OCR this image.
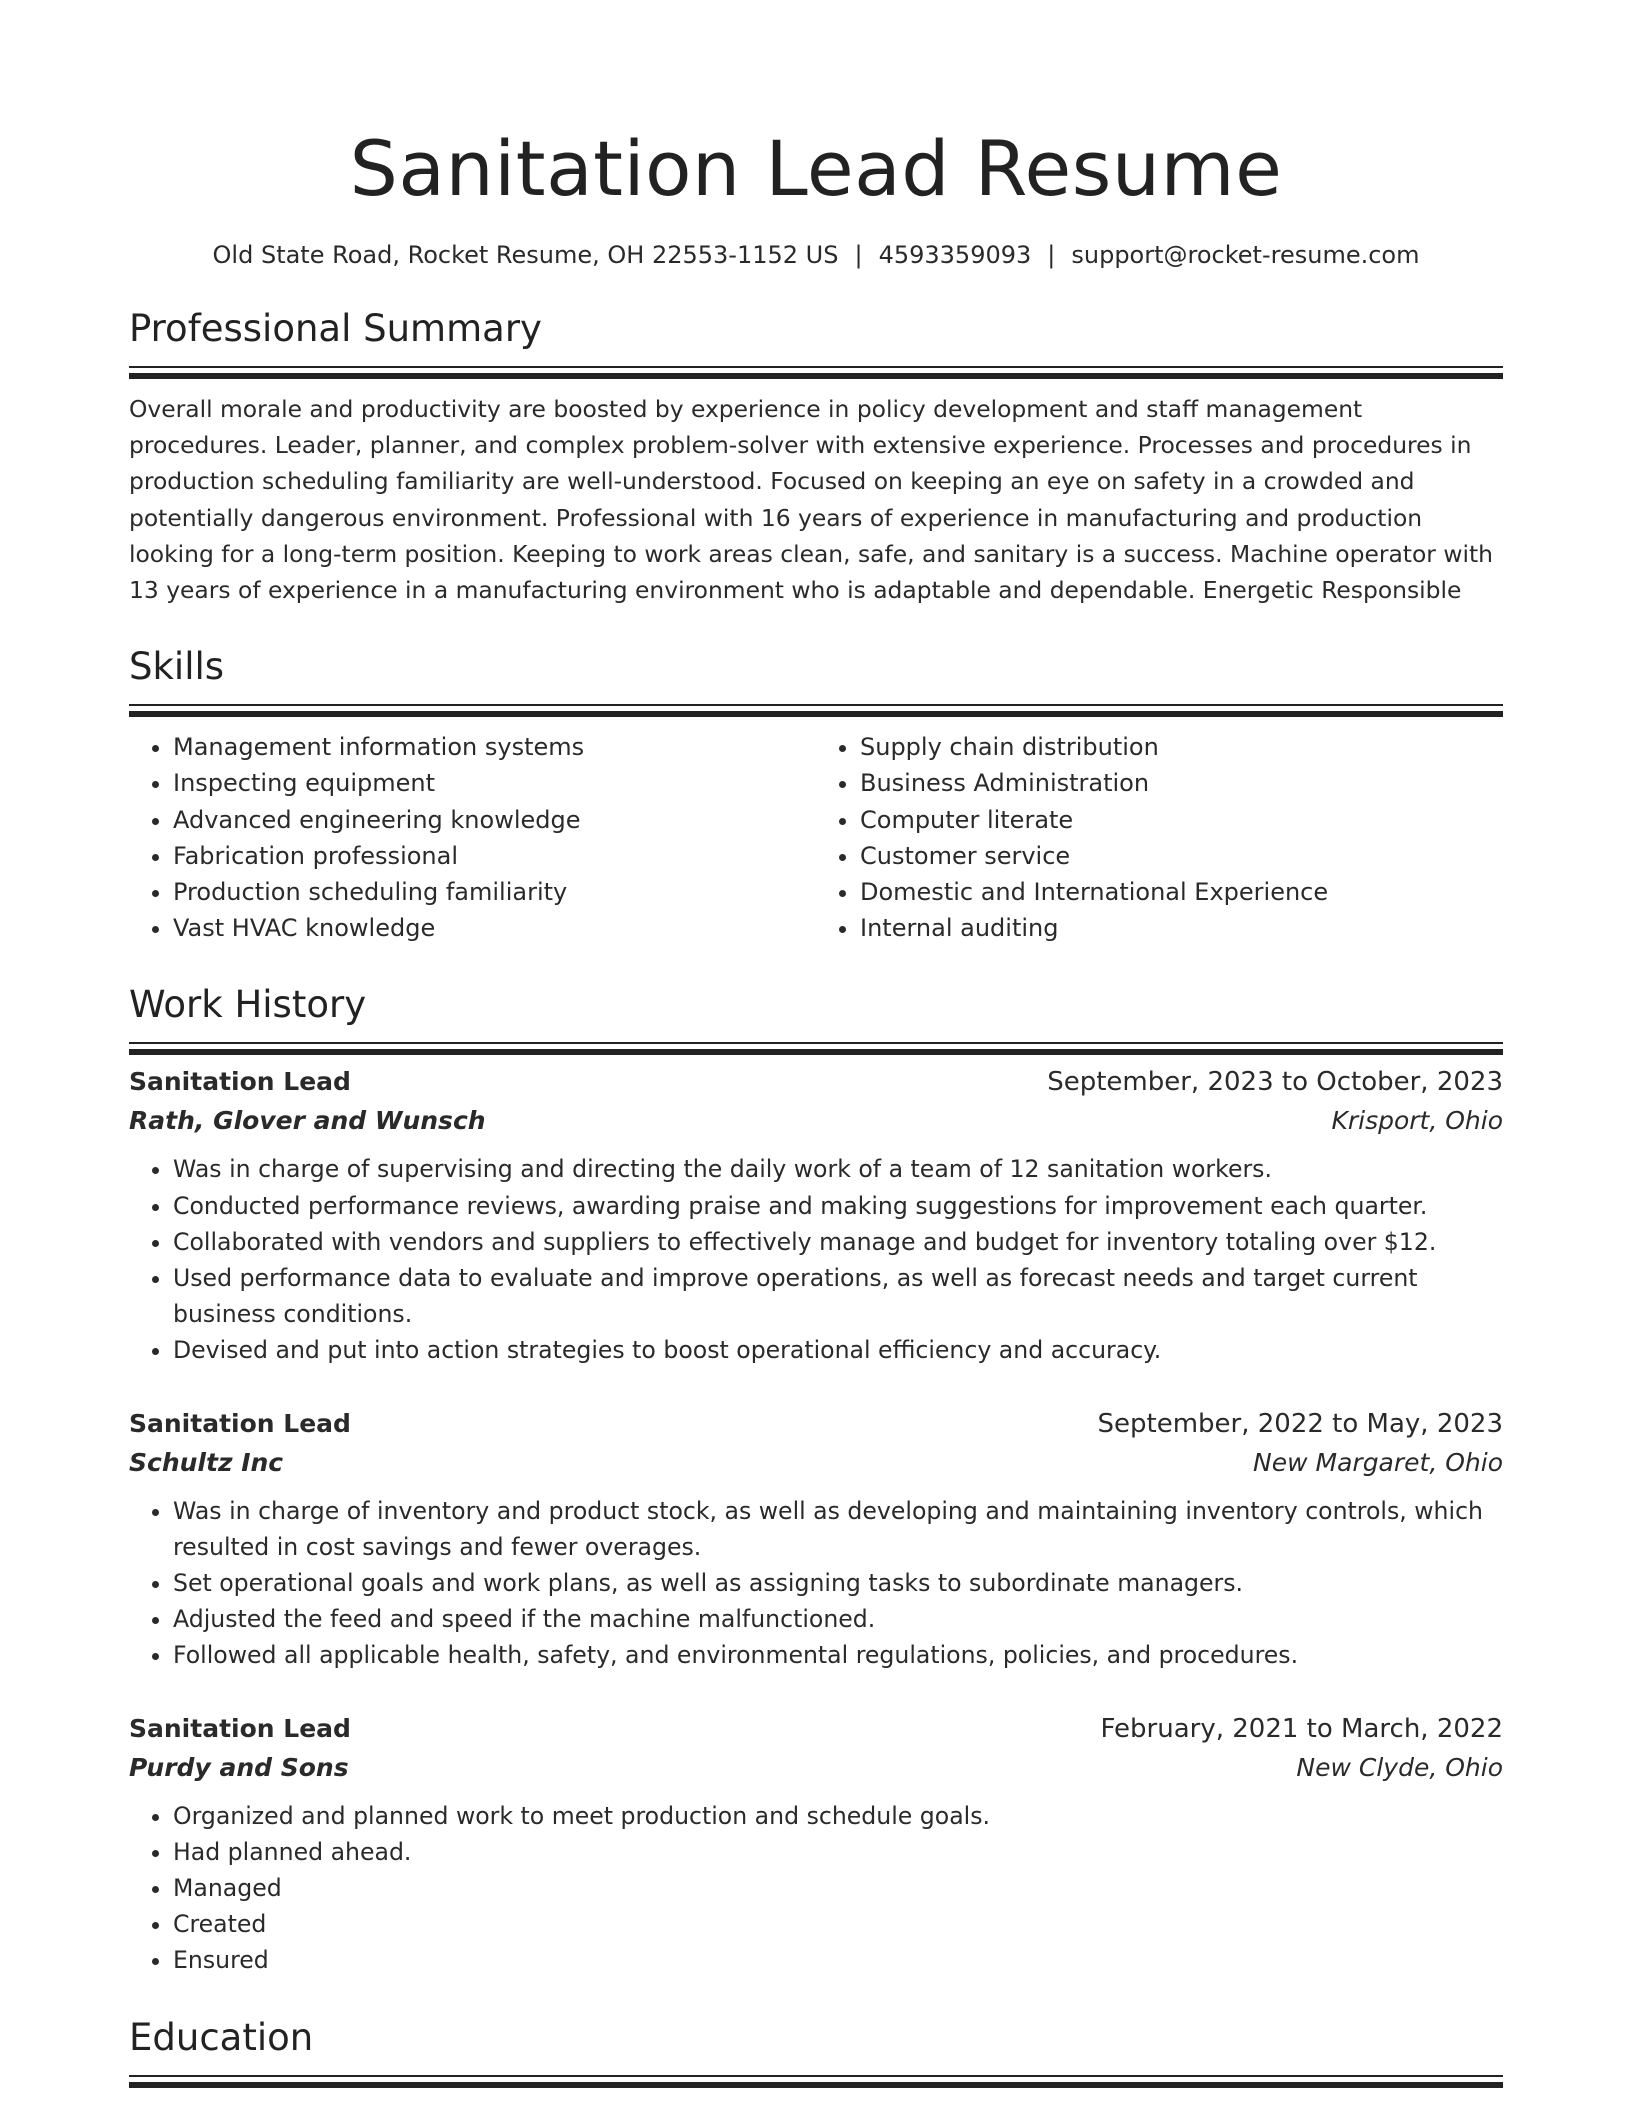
Sanitation Lead Resume
Old State Road, Rocket Resume, OH 22553-1152 US | 4593359093 | support@rocket-resume.com
Professional Summary

Overall morale and productivity are boosted by experience in policy development and staff management procedures. Leader, planner, and complex problem-solver with extensive experience. Processes and procedures in production scheduling familiarity are well-understood. Focused on keeping an eye on safety in a crowded and potentially dangerous environment. Professional with 16 years of experience in manufacturing and production looking for a long-term position. Keeping to work areas clean, safe, and sanitary is a success. Machine operator with 13 years of experience in a manufacturing environment who is adaptable and dependable. Energetic Responsible

Skills
• Management information systems
• Inspecting equipment
• Advanced engineering knowledge
• Fabrication professional
• Production scheduling familiarity
• Vast HVAC knowledge
• Supply chain distribution
• Business Administration
• Computer literate
• Customer service
• Domestic and International Experience
• Internal auditing
Work History
Sanitation Lead	September, 2023 to October, 2023
Rath, Glover and Wunsch	Krisport, Ohio
• Was in charge of supervising and directing the daily work of a team of 12 sanitation workers.
• Conducted performance reviews, awarding praise and making suggestions for improvement each quarter.
• Collaborated with vendors and suppliers to effectively manage and budget for inventory totaling over $12.
• Used performance data to evaluate and improve operations, as well as forecast needs and target current business conditions.
• Devised and put into action strategies to boost operational efficiency and accuracy.
Sanitation Lead	September, 2022 to May, 2023
Schultz Inc	New Margaret, Ohio
• Was in charge of inventory and product stock, as well as developing and maintaining inventory controls, which resulted in cost savings and fewer overages.
• Set operational goals and work plans, as well as assigning tasks to subordinate managers.
• Adjusted the feed and speed if the machine malfunctioned.
• Followed all applicable health, safety, and environmental regulations, policies, and procedures.
Sanitation Lead	February, 2021 to March, 2022
Purdy and Sons	New Clyde, Ohio
• Organized and planned work to meet production and schedule goals.
• Had planned ahead.
• Managed
• Created
• Ensured
Education
